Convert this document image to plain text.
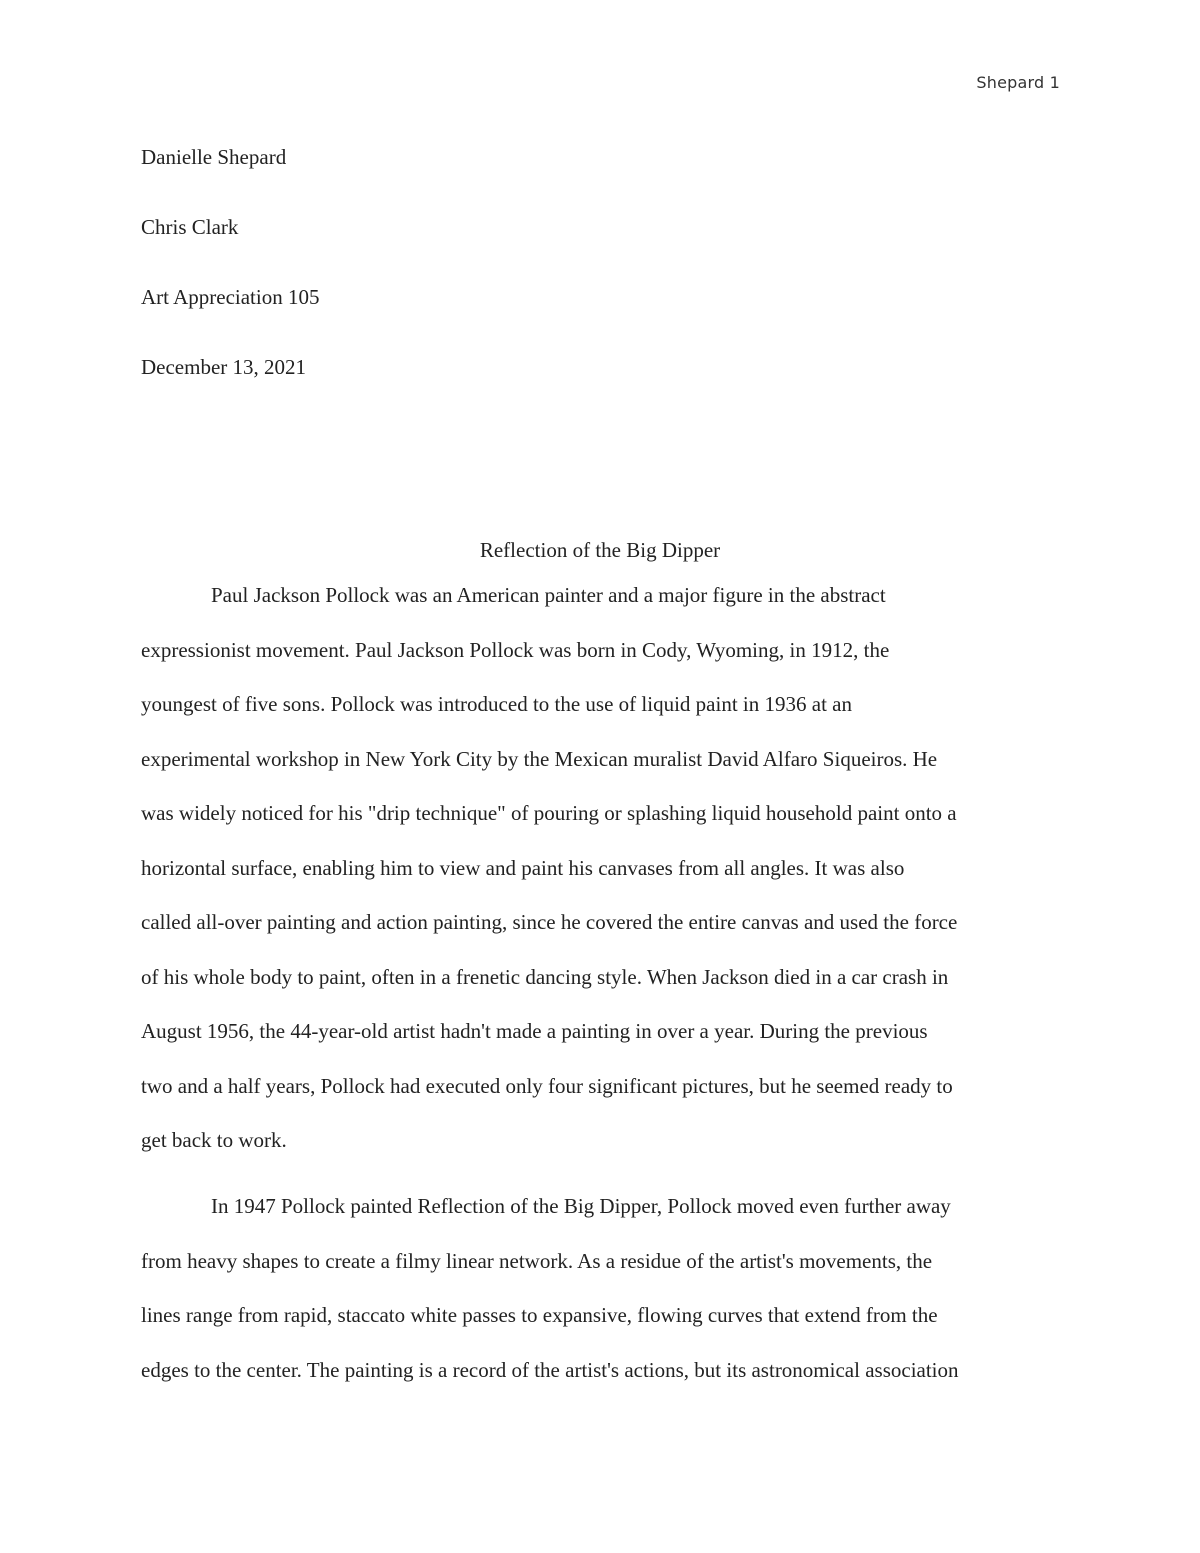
Shepard 1
Danielle Shepard
Chris Clark
Art Appreciation 105
December 13, 2021
Reflection of the Big Dipper
Paul Jackson Pollock was an American painter and a major figure in the abstract
expressionist movement. Paul Jackson Pollock was born in Cody, Wyoming, in 1912, the
youngest of five sons. Pollock was introduced to the use of liquid paint in 1936 at an
experimental workshop in New York City by the Mexican muralist David Alfaro Siqueiros. He
was widely noticed for his "drip technique" of pouring or splashing liquid household paint onto a
horizontal surface, enabling him to view and paint his canvases from all angles. It was also
called all-over painting and action painting, since he covered the entire canvas and used the force
of his whole body to paint, often in a frenetic dancing style. When Jackson died in a car crash in
August 1956, the 44-year-old artist hadn't made a painting in over a year. During the previous
two and a half years, Pollock had executed only four significant pictures, but he seemed ready to
get back to work.
In 1947 Pollock painted Reflection of the Big Dipper, Pollock moved even further away
from heavy shapes to create a filmy linear network. As a residue of the artist's movements, the
lines range from rapid, staccato white passes to expansive, flowing curves that extend from the
edges to the center. The painting is a record of the artist's actions, but its astronomical association
